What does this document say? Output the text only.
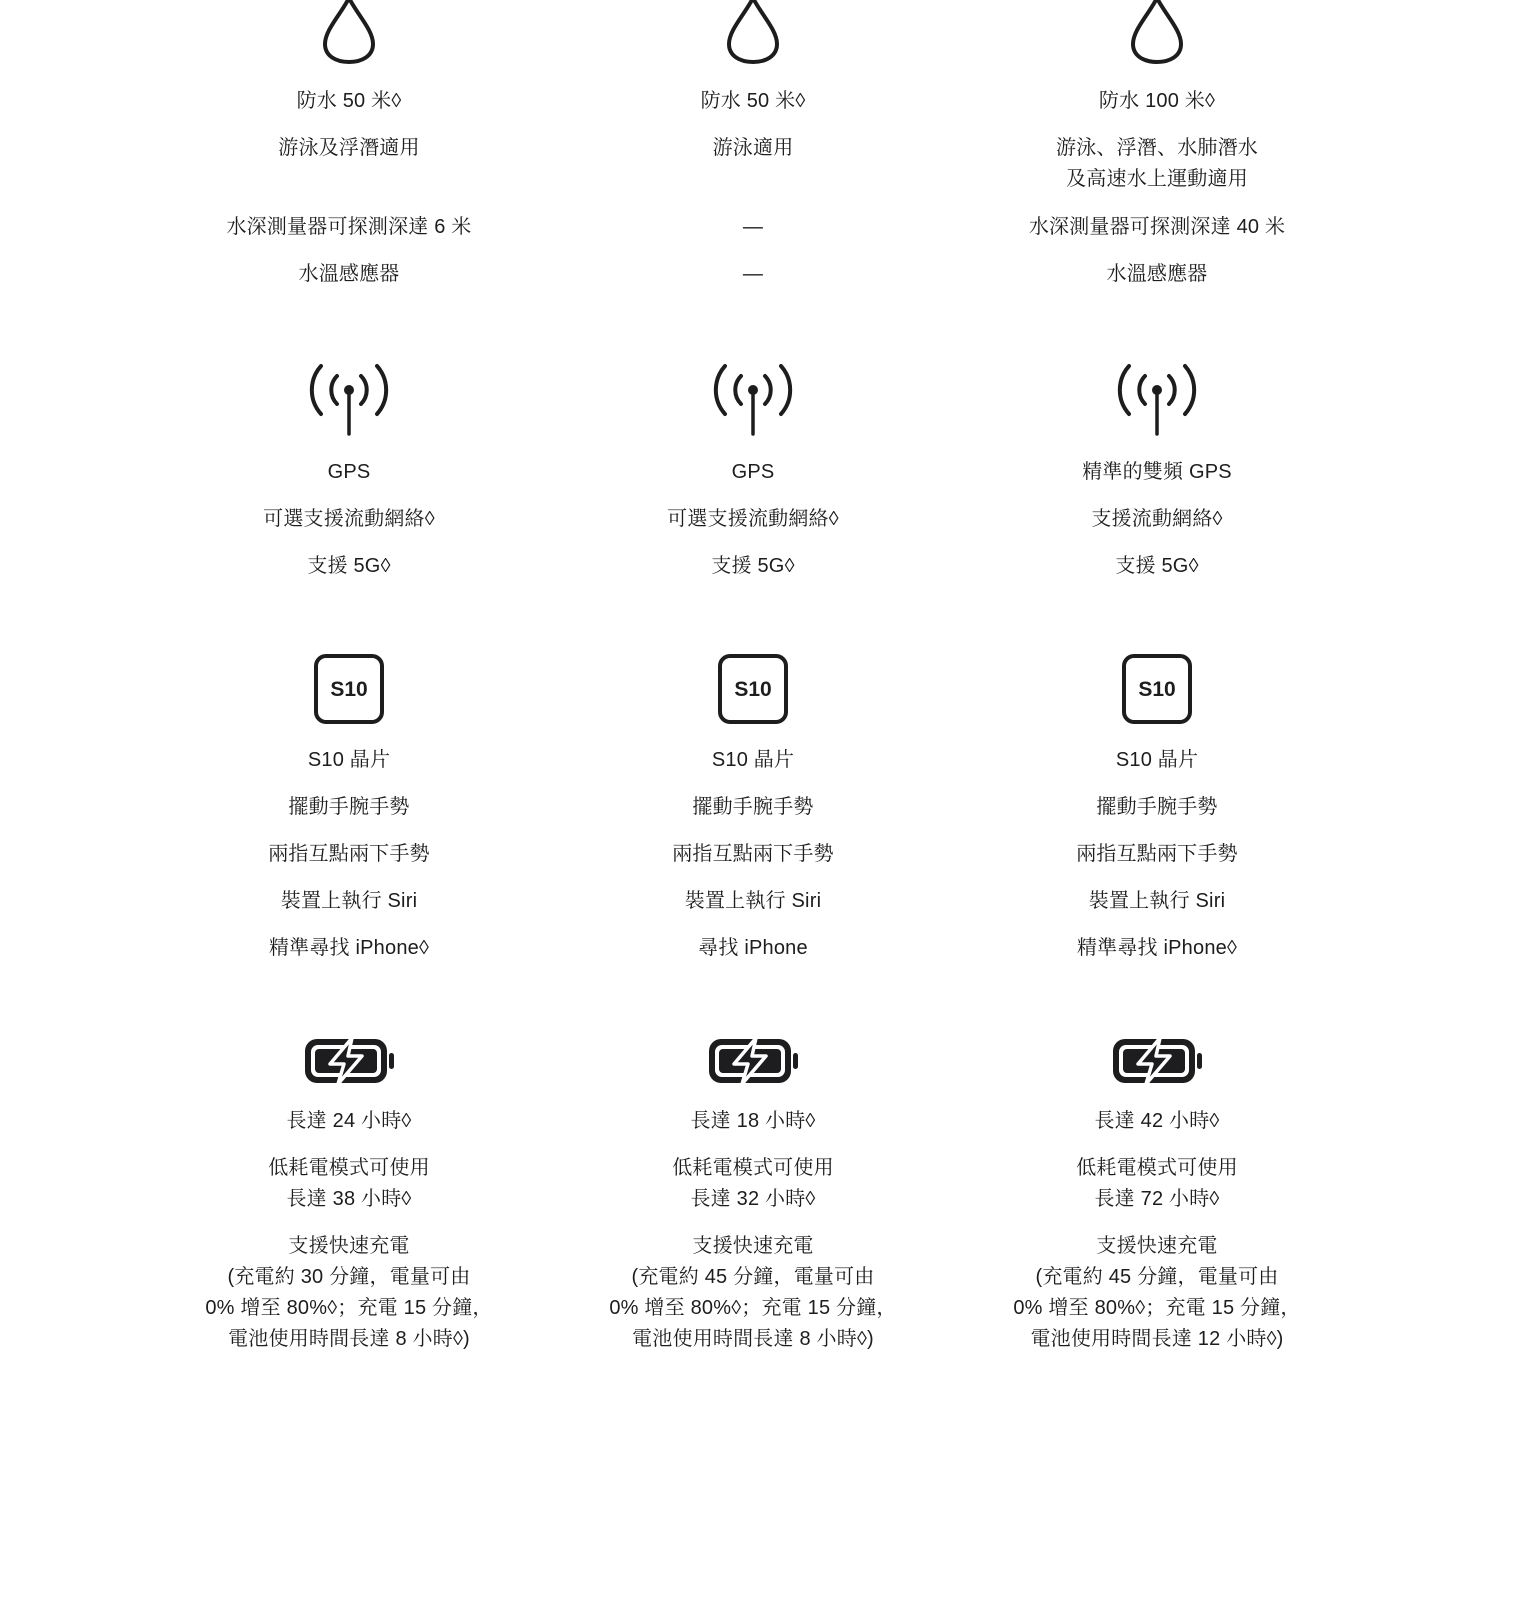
防水 50 米◊
游泳及浮潛適用
水深測量器可探測深達 6 米
水溫感應器
GPS
可選支援流動網絡◊
支援 5G◊
S10
S10 晶片
擺動手腕手勢
兩指互點兩下手勢
裝置上執行 Siri
精準尋找 iPhone◊
長達 24 小時◊
低耗電模式可使用
長達 38 小時◊
支援快速充電
(充電約 30 分鐘，電量可由
0% 增至 80%◊；充電 15 分鐘，
電池使用時間長達 8 小時◊)
防水 50 米◊
游泳適用
—
—
GPS
可選支援流動網絡◊
支援 5G◊
S10
S10 晶片
擺動手腕手勢
兩指互點兩下手勢
裝置上執行 Siri
尋找 iPhone
長達 18 小時◊
低耗電模式可使用
長達 32 小時◊
支援快速充電
(充電約 45 分鐘，電量可由
0% 增至 80%◊；充電 15 分鐘，
電池使用時間長達 8 小時◊)
防水 100 米◊
游泳、浮潛、水肺潛水
及高速水上運動適用
水深測量器可探測深達 40 米
水溫感應器
精準的雙頻 GPS
支援流動網絡◊
支援 5G◊
S10
S10 晶片
擺動手腕手勢
兩指互點兩下手勢
裝置上執行 Siri
精準尋找 iPhone◊
長達 42 小時◊
低耗電模式可使用
長達 72 小時◊
支援快速充電
(充電約 45 分鐘，電量可由
0% 增至 80%◊；充電 15 分鐘，
電池使用時間長達 12 小時◊)
